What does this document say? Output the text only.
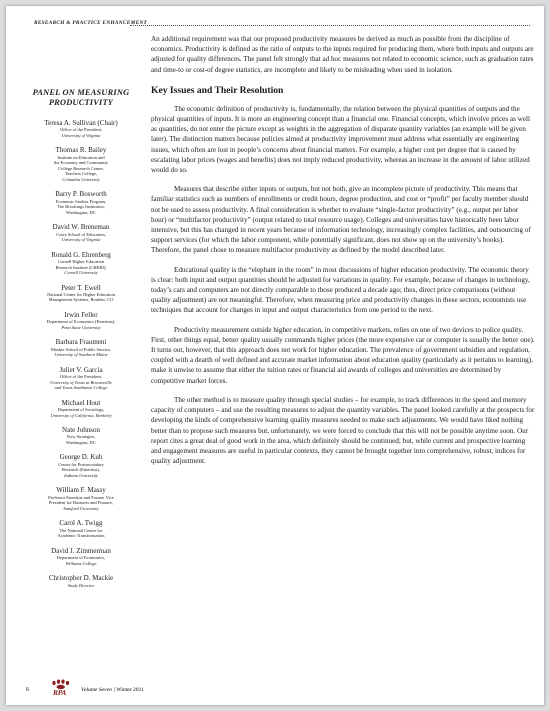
RESEARCH & PRACTICE ENHANCEMENT
PANEL ON MEASURING
PRODUCTIVITY
Teresa A. Sullivan (Chair)
Office of the President,
University of Virginia
Thomas R. Bailey
Institute on Education and
the Economy and Community
College Research Center,
Teachers College,
Columbia University
Barry P. Bosworth
Economic Studies Program,
The Brookings Institution,
Washington, DC
David W. Breneman
Curry School of Education,
University of Virginia
Ronald G. Ehrenberg
Cornell Higher Education
Research Institute (CHERI),
Cornell University
Peter T. Ewell
National Center for Higher Education
Management Systems, Boulder, CO
Irwin Feller
Department of Economics (Emeritus),
Penn State University
Barbara Fraumeni
Muskie School of Public Service,
University of Southern Maine
Juliet V. Garcia
Office of the President,
University of Texas at Brownsville
and Texas Southmost College
Michael Hout
Department of Sociology,
University of California, Berkeley
Nate Johnson
Now Strategies,
Washington, DC
George D. Kuh
Center for Postsecondary
Research (Emeritus),
Indiana University
William F. Massy
Professor Emeritus and Former Vice
President for Business and Finance,
Stanford University
Carol A. Twigg
The National Center for
Academic Transformation
David J. Zimmerman
Department of Economics,
Williams College
Christopher D. Mackie
Study Director

An additional requirement was that our proposed productivity measures be derived as much as possible from the discipline of economics. Productivity is defined as the ratio of outputs to the inputs required for producing them, where both inputs and outputs are adjusted for quality differences. The panel felt strongly that ad hoc measures not related to economic science, such as graduation rates and time-to or cost-of degree statistics, are incomplete and likely to be misleading when used in isolation.

Key Issues and Their Resolution

The economic definition of productivity is, fundamentally, the relation between the physical quantities of outputs and the physical quantities of inputs. It is more an engineering concept than a financial one. Financial concepts, which involve prices as well as quantities, do not enter the picture except as weights in the aggregation of disparate quantity variables (an example will be given later). The distinction matters because policies aimed at productivity improvement must address what essentially are engineering issues, which often are lost in people’s concerns about financial matters. For example, a higher cost per degree that is caused by escalating labor prices (wages and benefits) does not imply reduced productivity, whereas an increase in the amount of labor utilized would do so.

Measures that describe either inputs or outputs, but not both, give an incomplete picture of productivity. This means that familiar statistics such as numbers of enrollments or credit hours, degree production, and cost or “profit” per faculty member should not be used to assess productivity. A final consideration is whether to evaluate “single-factor productivity” (e.g., output per labor hour) or “multifactor productivity” (output related to total resource usage). Colleges and universities have historically been labor intensive, but this has changed in recent years because of information technology, increasingly complex facilities, and outsourcing of support services (for which the labor component, while potentially significant, does not show up on the university’s books). Therefore, the panel chose to measure multifactor productivity as defined by the model described later.

Educational quality is the “elephant in the room” in most discussions of higher education productivity. The economic theory is clear: both input and output quantities should be adjusted for variations in quality. For example, because of changes in technology, today’s cars and computers are not directly comparable to those produced a decade ago; thus, direct price comparisons (without quality adjustment) are not meaningful. Therefore, when measuring price and productivity changes in these sectors, economists use techniques that account for changes in input and output characteristics from one period to the next.

Productivity measurement outside higher education, in competitive markets, relies on one of two devices to police quality. First, other things equal, better quality usually commands higher prices (the more expensive car or computer is usually the better one). It turns out, however, that this approach does not work for higher education. The prevalence of government subsidies and regulation, coupled with a dearth of well defined and accurate market information about education quality (particularly as it pertains to learning), make it unwise to assume that either the tuition rates or financial aid awards of colleges and universities are determined by competitive market forces.

The other method is to measure quality through special studies – for example, to track differences in the speed and memory capacity of computers – and use the resulting measures to adjust the quantity variables. The panel looked carefully at the prospects for developing the kinds of comprehensive learning quality measures needed to make such adjustments. We would have liked nothing better than to propose such measures but, unfortunately, we were forced to conclude that this will not be possible anytime soon. Our report cites a great deal of good work in the area, which definitely should be continued; but, while current and prospective learning and engagement measures are useful in particular contexts, they cannot be brought together into comprehensive, robust, indices for quality adjustment.

6	RPA	Volume Seven | Winter 2011
